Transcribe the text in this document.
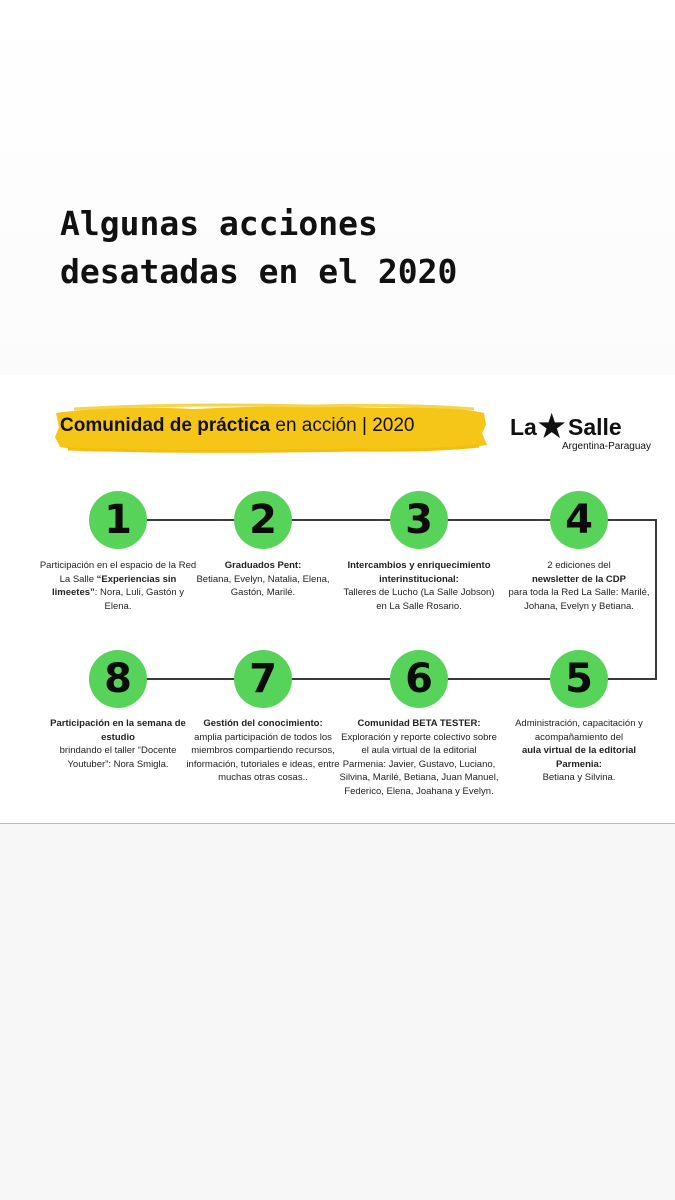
Algunas acciones
desatadas en el 2020
Comunidad de práctica en acción | 2020	La ★ Salle
Argentina-Paraguay
1	2	3	4
8	7	6	5
Participación en el espacio de la Red La Salle “Experiencias sin limeetes”: Nora, Luli, Gastón y Elena.
Graduados Pent:
Betiana, Evelyn, Natalia, Elena, Gastón, Marilé.
Intercambios y enriquecimiento interinstitucional:
Talleres de Lucho (La Salle Jobson) en La Salle Rosario.
2 ediciones del
newsletter de la CDP
para toda la Red La Salle: Marilé, Johana, Evelyn y Betiana.
Participación en la semana de estudio
brindando el taller “Docente Youtuber”: Nora Smigla.
Gestión del conocimiento:
amplia participación de todos los miembros compartiendo recursos, información, tutoriales e ideas, entre muchas otras cosas..
Comunidad BETA TESTER:
Exploración y reporte colectivo sobre el aula virtual de la editorial Parmenia: Javier, Gustavo, Luciano, Silvina, Marilé, Betiana, Juan Manuel, Federico, Elena, Joahana y Evelyn.
Administración, capacitación y acompañamiento del
aula virtual de la editorial Parmenia:
Betiana y Silvina.
